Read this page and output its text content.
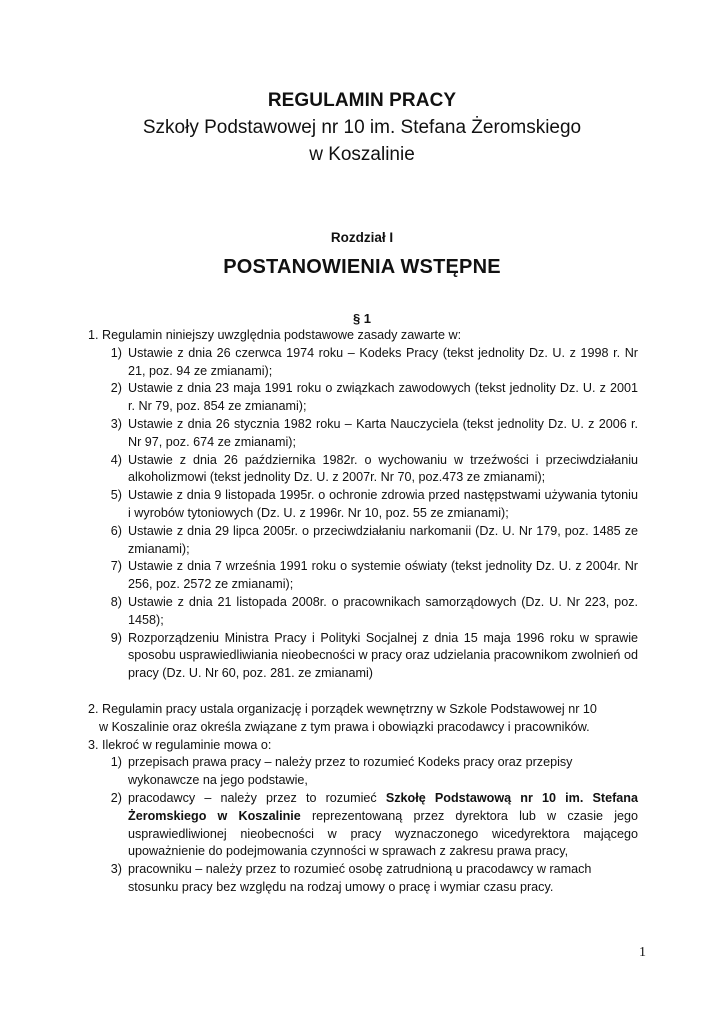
REGULAMIN PRACY
Szkoły Podstawowej nr 10 im. Stefana Żeromskiego
w Koszalinie
Rozdział I
POSTANOWIENIA WSTĘPNE
§ 1

1. Regulamin niniejszy uwzględnia podstawowe zasady zawarte w:

1) Ustawie z dnia 26 czerwca 1974 roku – Kodeks Pracy (tekst jednolity Dz. U. z 1998 r. Nr 21, poz. 94 ze zmianami);
2) Ustawie z dnia 23 maja 1991 roku o związkach zawodowych (tekst jednolity Dz. U. z 2001 r. Nr 79, poz. 854 ze zmianami);
3) Ustawie z dnia 26 stycznia 1982 roku – Karta Nauczyciela (tekst jednolity Dz. U. z 2006 r. Nr 97, poz. 674 ze zmianami);
4) Ustawie z dnia 26 października 1982r. o wychowaniu w trzeźwości i przeciwdziałaniu alkoholizmowi (tekst jednolity Dz. U. z 2007r. Nr 70, poz.473 ze zmianami);
5) Ustawie z dnia 9 listopada 1995r. o ochronie zdrowia przed następstwami używania tytoniu i wyrobów tytoniowych (Dz. U. z 1996r. Nr 10, poz. 55 ze zmianami);
6) Ustawie z dnia 29 lipca 2005r. o przeciwdziałaniu narkomanii (Dz. U. Nr 179, poz. 1485 ze zmianami);
7) Ustawie z dnia 7 września 1991 roku o systemie oświaty (tekst jednolity Dz. U. z 2004r. Nr 256, poz. 2572 ze zmianami);
8) Ustawie z dnia 21 listopada 2008r. o pracownikach samorządowych (Dz. U. Nr 223, poz. 1458);
9) Rozporządzeniu Ministra Pracy i Polityki Socjalnej z dnia 15 maja 1996 roku w sprawie sposobu usprawiedliwiania nieobecności w pracy oraz udzielania pracownikom zwolnień od pracy (Dz. U. Nr 60, poz. 281. ze zmianami)

2. Regulamin pracy ustala organizację i porządek wewnętrzny w Szkole Podstawowej nr 10

w Koszalinie oraz określa związane z tym prawa i obowiązki pracodawcy i pracowników.

3. Ilekroć w regulaminie mowa o:

1) przepisach prawa pracy – należy przez to rozumieć Kodeks pracy oraz przepisy wykonawcze na jego podstawie,
2) pracodawcy – należy przez to rozumieć Szkołę Podstawową nr 10 im. Stefana Żeromskiego w Koszalinie reprezentowaną przez dyrektora lub w czasie jego usprawiedliwionej nieobecności w pracy wyznaczonego wicedyrektora mającego upoważnienie do podejmowania czynności w sprawach z zakresu prawa pracy,
3) pracowniku – należy przez to rozumieć osobę zatrudnioną u pracodawcy w ramach stosunku pracy bez względu na rodzaj umowy o pracę i wymiar czasu pracy.
1
